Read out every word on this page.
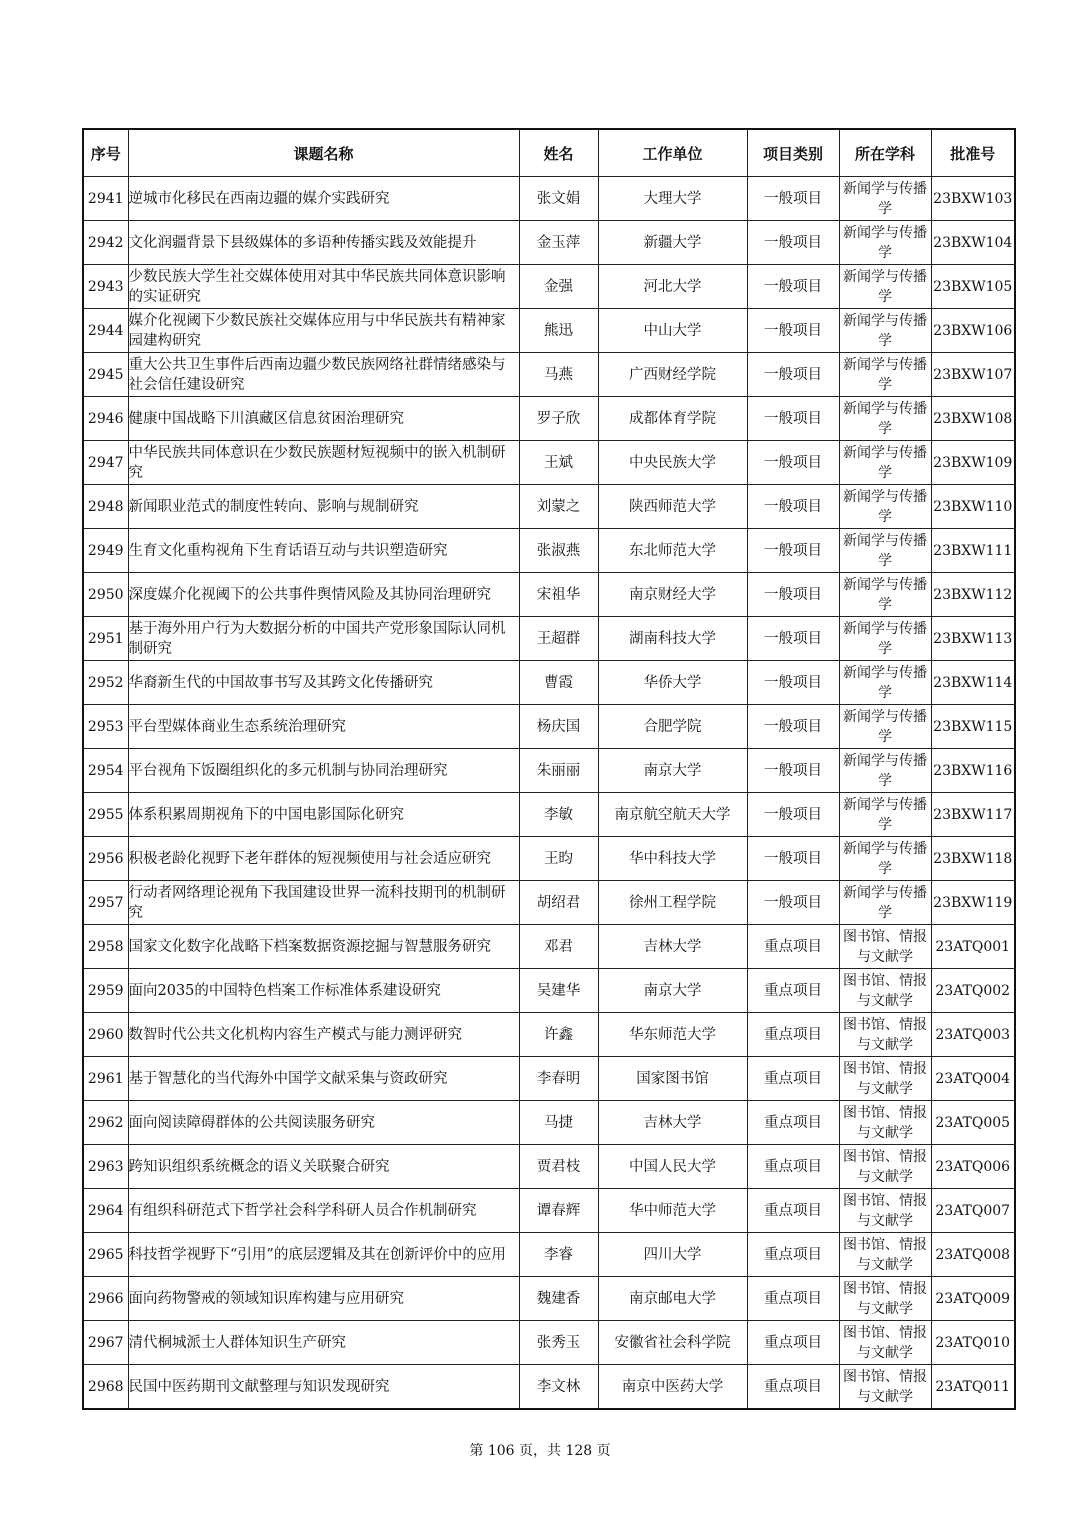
序号	课题名称	姓名	工作单位	项目类别	所在学科	批准号
2941	逆城市化移民在西南边疆的媒介实践研究	张文娟	大理大学	一般项目	新闻学与传播学	23BXW103
2942	文化润疆背景下县级媒体的多语种传播实践及效能提升	金玉萍	新疆大学	一般项目	新闻学与传播学	23BXW104
2943	少数民族大学生社交媒体使用对其中华民族共同体意识影响的实证研究	金强	河北大学	一般项目	新闻学与传播学	23BXW105
2944	媒介化视阈下少数民族社交媒体应用与中华民族共有精神家园建构研究	熊迅	中山大学	一般项目	新闻学与传播学	23BXW106
2945	重大公共卫生事件后西南边疆少数民族网络社群情绪感染与社会信任建设研究	马燕	广西财经学院	一般项目	新闻学与传播学	23BXW107
2946	健康中国战略下川滇藏区信息贫困治理研究	罗子欣	成都体育学院	一般项目	新闻学与传播学	23BXW108
2947	中华民族共同体意识在少数民族题材短视频中的嵌入机制研究	王斌	中央民族大学	一般项目	新闻学与传播学	23BXW109
2948	新闻职业范式的制度性转向、影响与规制研究	刘蒙之	陕西师范大学	一般项目	新闻学与传播学	23BXW110
2949	生育文化重构视角下生育话语互动与共识塑造研究	张淑燕	东北师范大学	一般项目	新闻学与传播学	23BXW111
2950	深度媒介化视阈下的公共事件舆情风险及其协同治理研究	宋祖华	南京财经大学	一般项目	新闻学与传播学	23BXW112
2951	基于海外用户行为大数据分析的中国共产党形象国际认同机制研究	王超群	湖南科技大学	一般项目	新闻学与传播学	23BXW113
2952	华裔新生代的中国故事书写及其跨文化传播研究	曹霞	华侨大学	一般项目	新闻学与传播学	23BXW114
2953	平台型媒体商业生态系统治理研究	杨庆国	合肥学院	一般项目	新闻学与传播学	23BXW115
2954	平台视角下饭圈组织化的多元机制与协同治理研究	朱丽丽	南京大学	一般项目	新闻学与传播学	23BXW116
2955	体系积累周期视角下的中国电影国际化研究	李敏	南京航空航天大学	一般项目	新闻学与传播学	23BXW117
2956	积极老龄化视野下老年群体的短视频使用与社会适应研究	王昀	华中科技大学	一般项目	新闻学与传播学	23BXW118
2957	行动者网络理论视角下我国建设世界一流科技期刊的机制研究	胡绍君	徐州工程学院	一般项目	新闻学与传播学	23BXW119
2958	国家文化数字化战略下档案数据资源挖掘与智慧服务研究	邓君	吉林大学	重点项目	图书馆、情报与文献学	23ATQ001
2959	面向2035的中国特色档案工作标准体系建设研究	吴建华	南京大学	重点项目	图书馆、情报与文献学	23ATQ002
2960	数智时代公共文化机构内容生产模式与能力测评研究	许鑫	华东师范大学	重点项目	图书馆、情报与文献学	23ATQ003
2961	基于智慧化的当代海外中国学文献采集与资政研究	李春明	国家图书馆	重点项目	图书馆、情报与文献学	23ATQ004
2962	面向阅读障碍群体的公共阅读服务研究	马捷	吉林大学	重点项目	图书馆、情报与文献学	23ATQ005
2963	跨知识组织系统概念的语义关联聚合研究	贾君枝	中国人民大学	重点项目	图书馆、情报与文献学	23ATQ006
2964	有组织科研范式下哲学社会科学科研人员合作机制研究	谭春辉	华中师范大学	重点项目	图书馆、情报与文献学	23ATQ007
2965	科技哲学视野下“引用”的底层逻辑及其在创新评价中的应用	李睿	四川大学	重点项目	图书馆、情报与文献学	23ATQ008
2966	面向药物警戒的领域知识库构建与应用研究	魏建香	南京邮电大学	重点项目	图书馆、情报与文献学	23ATQ009
2967	清代桐城派士人群体知识生产研究	张秀玉	安徽省社会科学院	重点项目	图书馆、情报与文献学	23ATQ010
2968	民国中医药期刊文献整理与知识发现研究	李文林	南京中医药大学	重点项目	图书馆、情报与文献学	23ATQ011
第 106 页，共 128 页
